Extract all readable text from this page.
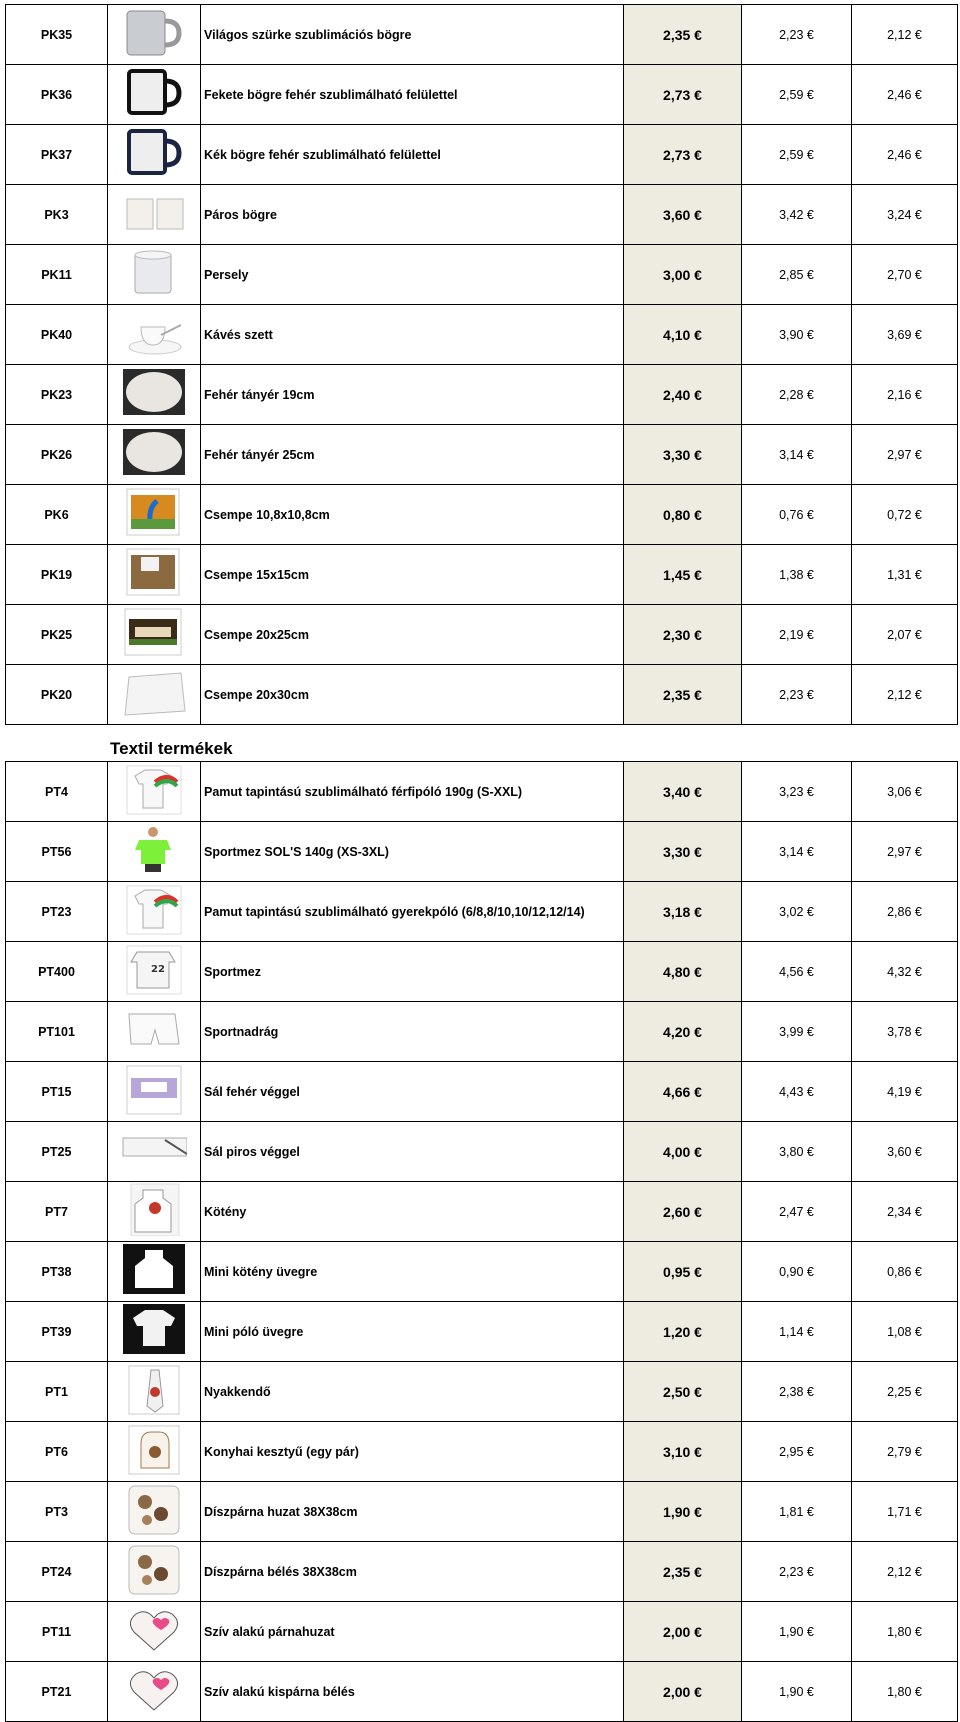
PK35		Világos szürke szublimációs bögre	2,35 €	2,23 €	2,12 €
PK36		Fekete bögre fehér szublimálható felülettel	2,73 €	2,59 €	2,46 €
PK37		Kék bögre fehér szublimálható felülettel	2,73 €	2,59 €	2,46 €
PK3		Páros bögre	3,60 €	3,42 €	3,24 €
PK11		Persely	3,00 €	2,85 €	2,70 €
PK40		Kávés szett	4,10 €	3,90 €	3,69 €
PK23		Fehér tányér 19cm	2,40 €	2,28 €	2,16 €
PK26		Fehér tányér 25cm	3,30 €	3,14 €	2,97 €
PK6		Csempe 10,8x10,8cm	0,80 €	0,76 €	0,72 €
PK19		Csempe 15x15cm	1,45 €	1,38 €	1,31 €
PK25		Csempe 20x25cm	2,30 €	2,19 €	2,07 €
PK20		Csempe 20x30cm	2,35 €	2,23 €	2,12 €
Textil termékek
PT4		Pamut tapintású szublimálható férfipóló 190g (S-XXL)	3,40 €	3,23 €	3,06 €
PT56		Sportmez SOL'S 140g (XS-3XL)	3,30 €	3,14 €	2,97 €
PT23		Pamut tapintású szublimálható gyerekpóló (6/8,8/10,10/12,12/14)	3,18 €	3,02 €	2,86 €
PT400	22	Sportmez	4,80 €	4,56 €	4,32 €
PT101		Sportnadrág	4,20 €	3,99 €	3,78 €
PT15		Sál fehér véggel	4,66 €	4,43 €	4,19 €
PT25		Sál piros véggel	4,00 €	3,80 €	3,60 €
PT7		Kötény	2,60 €	2,47 €	2,34 €
PT38		Mini kötény üvegre	0,95 €	0,90 €	0,86 €
PT39		Mini póló üvegre	1,20 €	1,14 €	1,08 €
PT1		Nyakkendő	2,50 €	2,38 €	2,25 €
PT6		Konyhai kesztyű (egy pár)	3,10 €	2,95 €	2,79 €
PT3		Díszpárna huzat 38X38cm	1,90 €	1,81 €	1,71 €
PT24		Díszpárna bélés 38X38cm	2,35 €	2,23 €	2,12 €
PT11		Szív alakú párnahuzat	2,00 €	1,90 €	1,80 €
PT21		Szív alakú kispárna bélés	2,00 €	1,90 €	1,80 €
